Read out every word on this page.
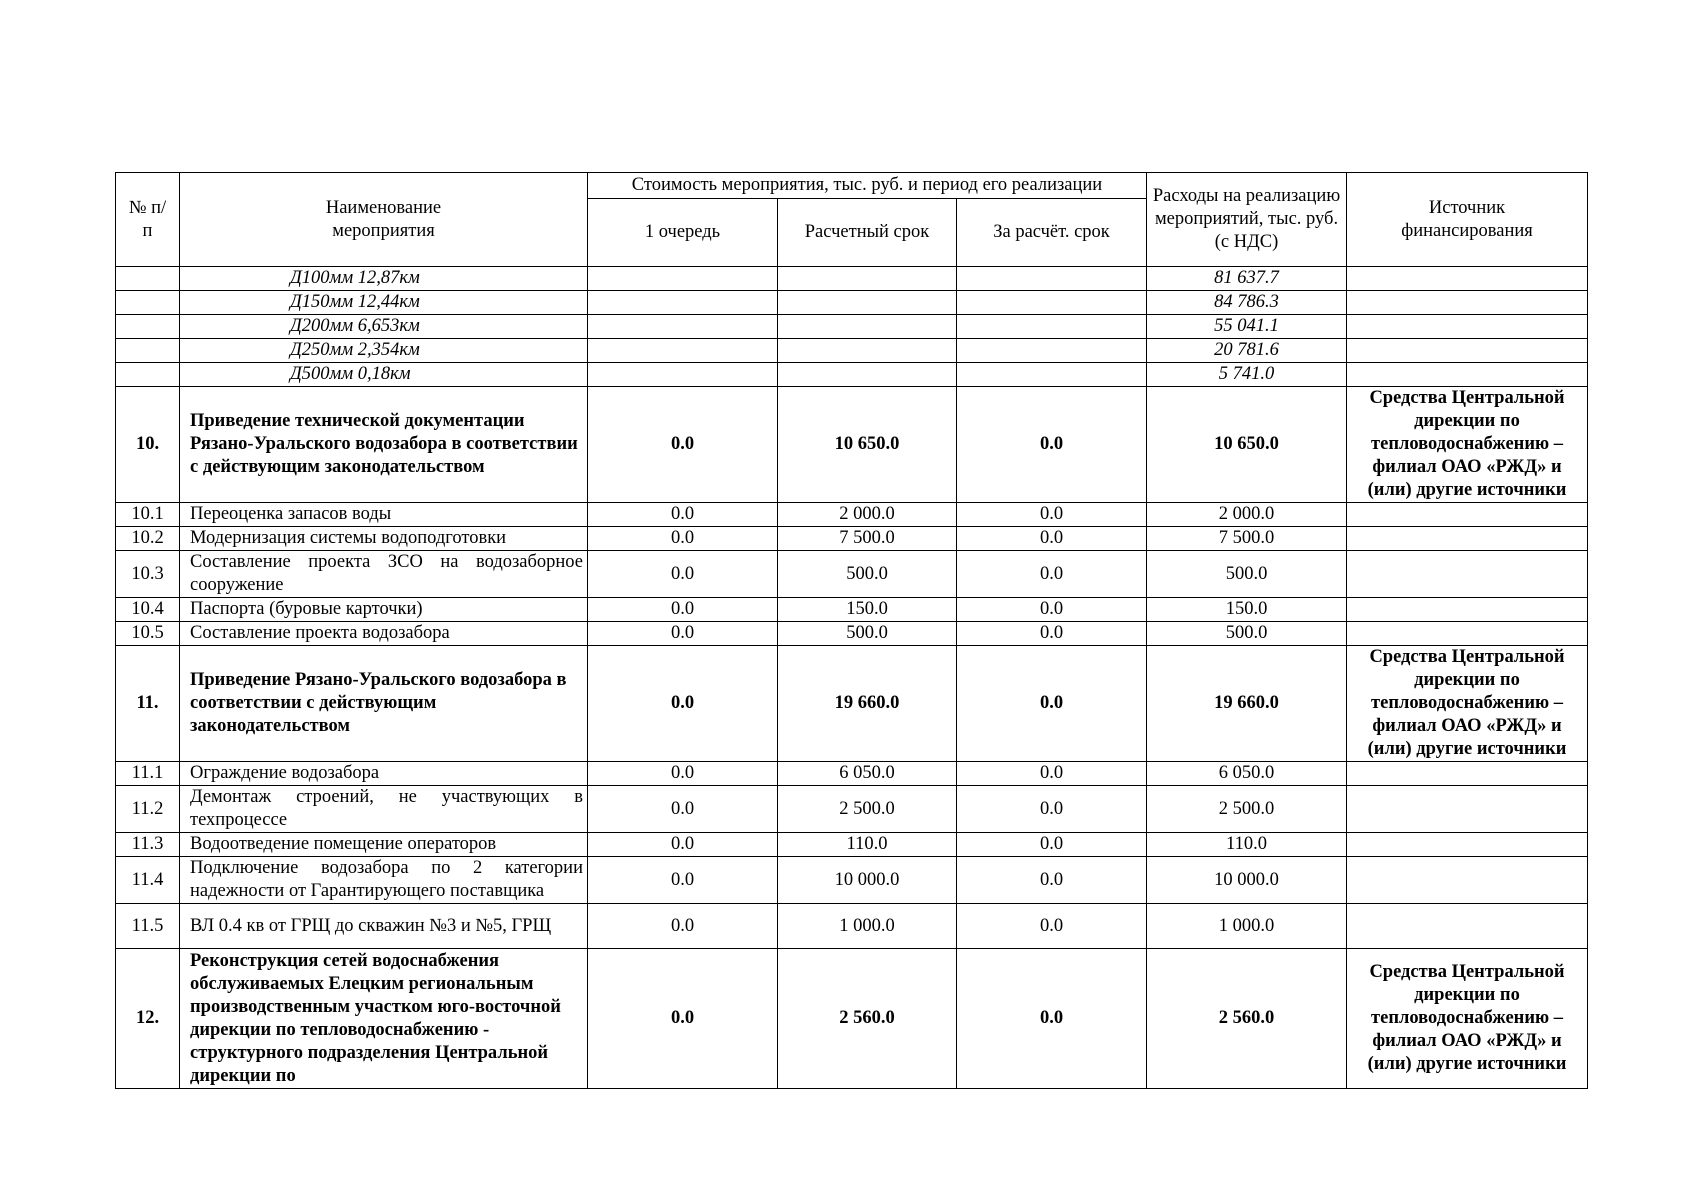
№ п/п	Наименование мероприятия	Стоимость мероприятия, тыс. руб. и период его реализации			Расходы на реализацию мероприятий, тыс. руб. (с НДС)	Источник финансирования
		1 очередь	Расчетный срок	За расчёт. срок		
	Д100мм 12,87км				81 637.7	
	Д150мм 12,44км				84 786.3	
	Д200мм 6,653км				55 041.1	
	Д250мм 2,354км				20 781.6	
	Д500мм 0,18км				5 741.0	
10.	Приведение технической документации Рязано-Уральского водозабора в соответствии с действующим законодательством	0.0	10 650.0	0.0	10 650.0	Средства Центральной дирекции по тепловодоснабжению – филиал ОАО «РЖД» и (или) другие источники
10.1	Переоценка запасов воды	0.0	2 000.0	0.0	2 000.0	
10.2	Модернизация системы водоподготовки	0.0	7 500.0	0.0	7 500.0	
10.3	Составление проекта ЗСО на водозаборное сооружение	0.0	500.0	0.0	500.0	
10.4	Паспорта (буровые карточки)	0.0	150.0	0.0	150.0	
10.5	Составление проекта водозабора	0.0	500.0	0.0	500.0	
11.	Приведение Рязано-Уральского водозабора в соответствии с действующим законодательством	0.0	19 660.0	0.0	19 660.0	Средства Центральной дирекции по тепловодоснабжению – филиал ОАО «РЖД» и (или) другие источники
11.1	Ограждение водозабора	0.0	6 050.0	0.0	6 050.0	
11.2	Демонтаж строений, не участвующих в техпроцессе	0.0	2 500.0	0.0	2 500.0	
11.3	Водоотведение помещение операторов	0.0	110.0	0.0	110.0	
11.4	Подключение водозабора по 2 категории надежности от Гарантирующего поставщика	0.0	10 000.0	0.0	10 000.0	
11.5	ВЛ 0.4 кв от ГРЩ до скважин №3 и №5, ГРЩ	0.0	1 000.0	0.0	1 000.0	
12.	Реконструкция сетей водоснабжения обслуживаемых Елецким региональным производственным участком юго-восточной дирекции по тепловодоснабжению - структурного подразделения Центральной дирекции по	0.0	2 560.0	0.0	2 560.0	Средства Центральной дирекции по тепловодоснабжению – филиал ОАО «РЖД» и (или) другие источники
